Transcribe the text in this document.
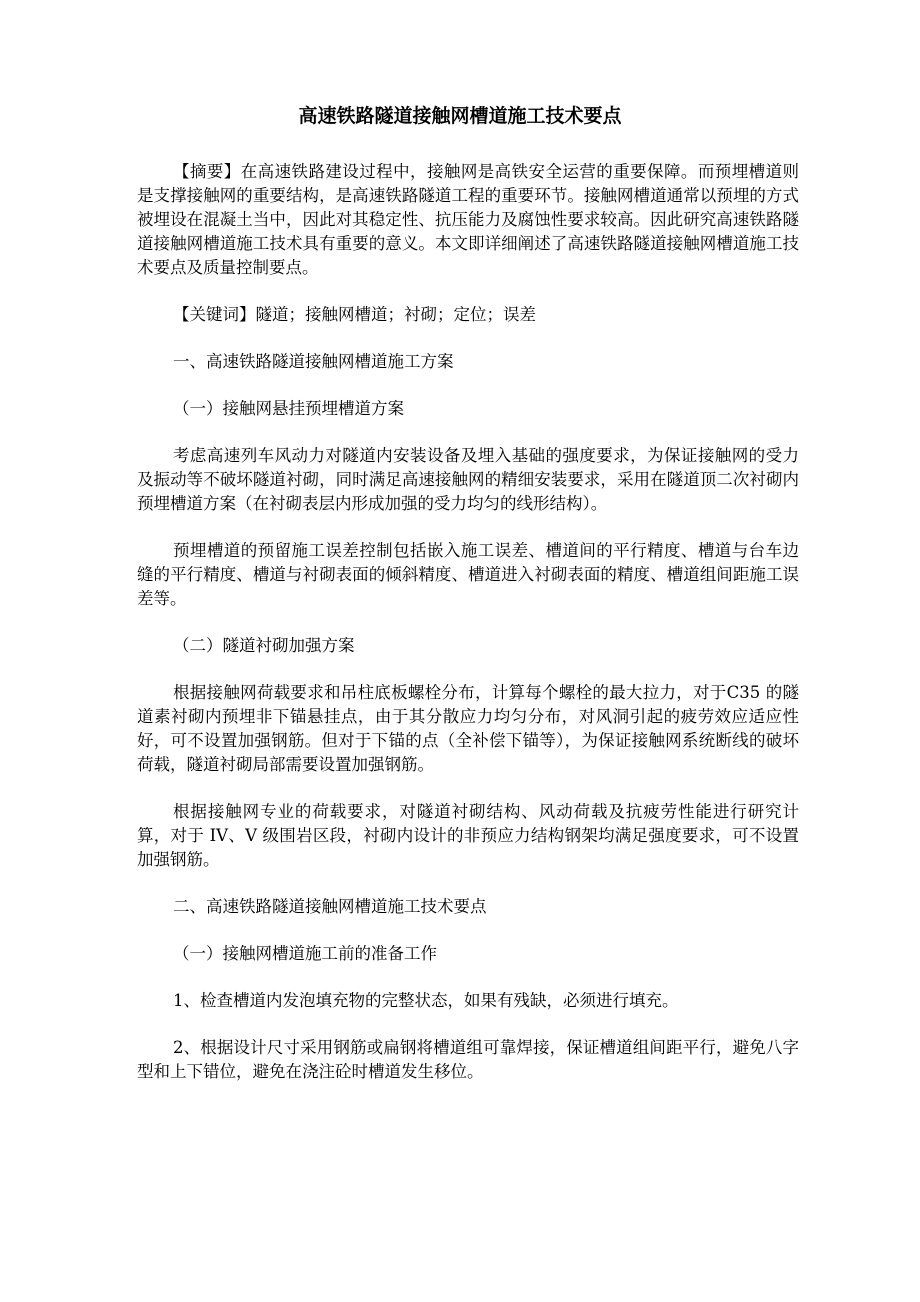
高速铁路隧道接触网槽道施工技术要点

【摘要】在高速铁路建设过程中，接触网是高铁安全运营的重要保障。而预埋槽道则是支撑接触网的重要结构，是高速铁路隧道工程的重要环节。接触网槽道通常以预埋的方式被埋设在混凝土当中，因此对其稳定性、抗压能力及腐蚀性要求较高。因此研究高速铁路隧道接触网槽道施工技术具有重要的意义。本文即详细阐述了高速铁路隧道接触网槽道施工技术要点及质量控制要点。

【关键词】隧道；接触网槽道；衬砌；定位；误差

一、高速铁路隧道接触网槽道施工方案

（一）接触网悬挂预埋槽道方案

考虑高速列车风动力对隧道内安装设备及埋入基础的强度要求，为保证接触网的受力及振动等不破坏隧道衬砌，同时满足高速接触网的精细安装要求，采用在隧道顶二次衬砌内预埋槽道方案（在衬砌表层内形成加强的受力均匀的线形结构）。

预埋槽道的预留施工误差控制包括嵌入施工误差、槽道间的平行精度、槽道与台车边缝的平行精度、槽道与衬砌表面的倾斜精度、槽道进入衬砌表面的精度、槽道组间距施工误差等。

（二）隧道衬砌加强方案

根据接触网荷载要求和吊柱底板螺栓分布，计算每个螺栓的最大拉力，对于C35 的隧道素衬砌内预埋非下锚悬挂点，由于其分散应力均匀分布，对风洞引起的疲劳效应适应性好，可不设置加强钢筋。但对于下锚的点（全补偿下锚等），为保证接触网系统断线的破坏荷载，隧道衬砌局部需要设置加强钢筋。

根据接触网专业的荷载要求，对隧道衬砌结构、风动荷载及抗疲劳性能进行研究计算，对于 IV、V 级围岩区段，衬砌内设计的非预应力结构钢架均满足强度要求，可不设置加强钢筋。

二、高速铁路隧道接触网槽道施工技术要点

（一）接触网槽道施工前的准备工作

1、检查槽道内发泡填充物的完整状态，如果有残缺，必须进行填充。

2、根据设计尺寸采用钢筋或扁钢将槽道组可靠焊接，保证槽道组间距平行，避免八字型和上下错位，避免在浇注砼时槽道发生移位。
